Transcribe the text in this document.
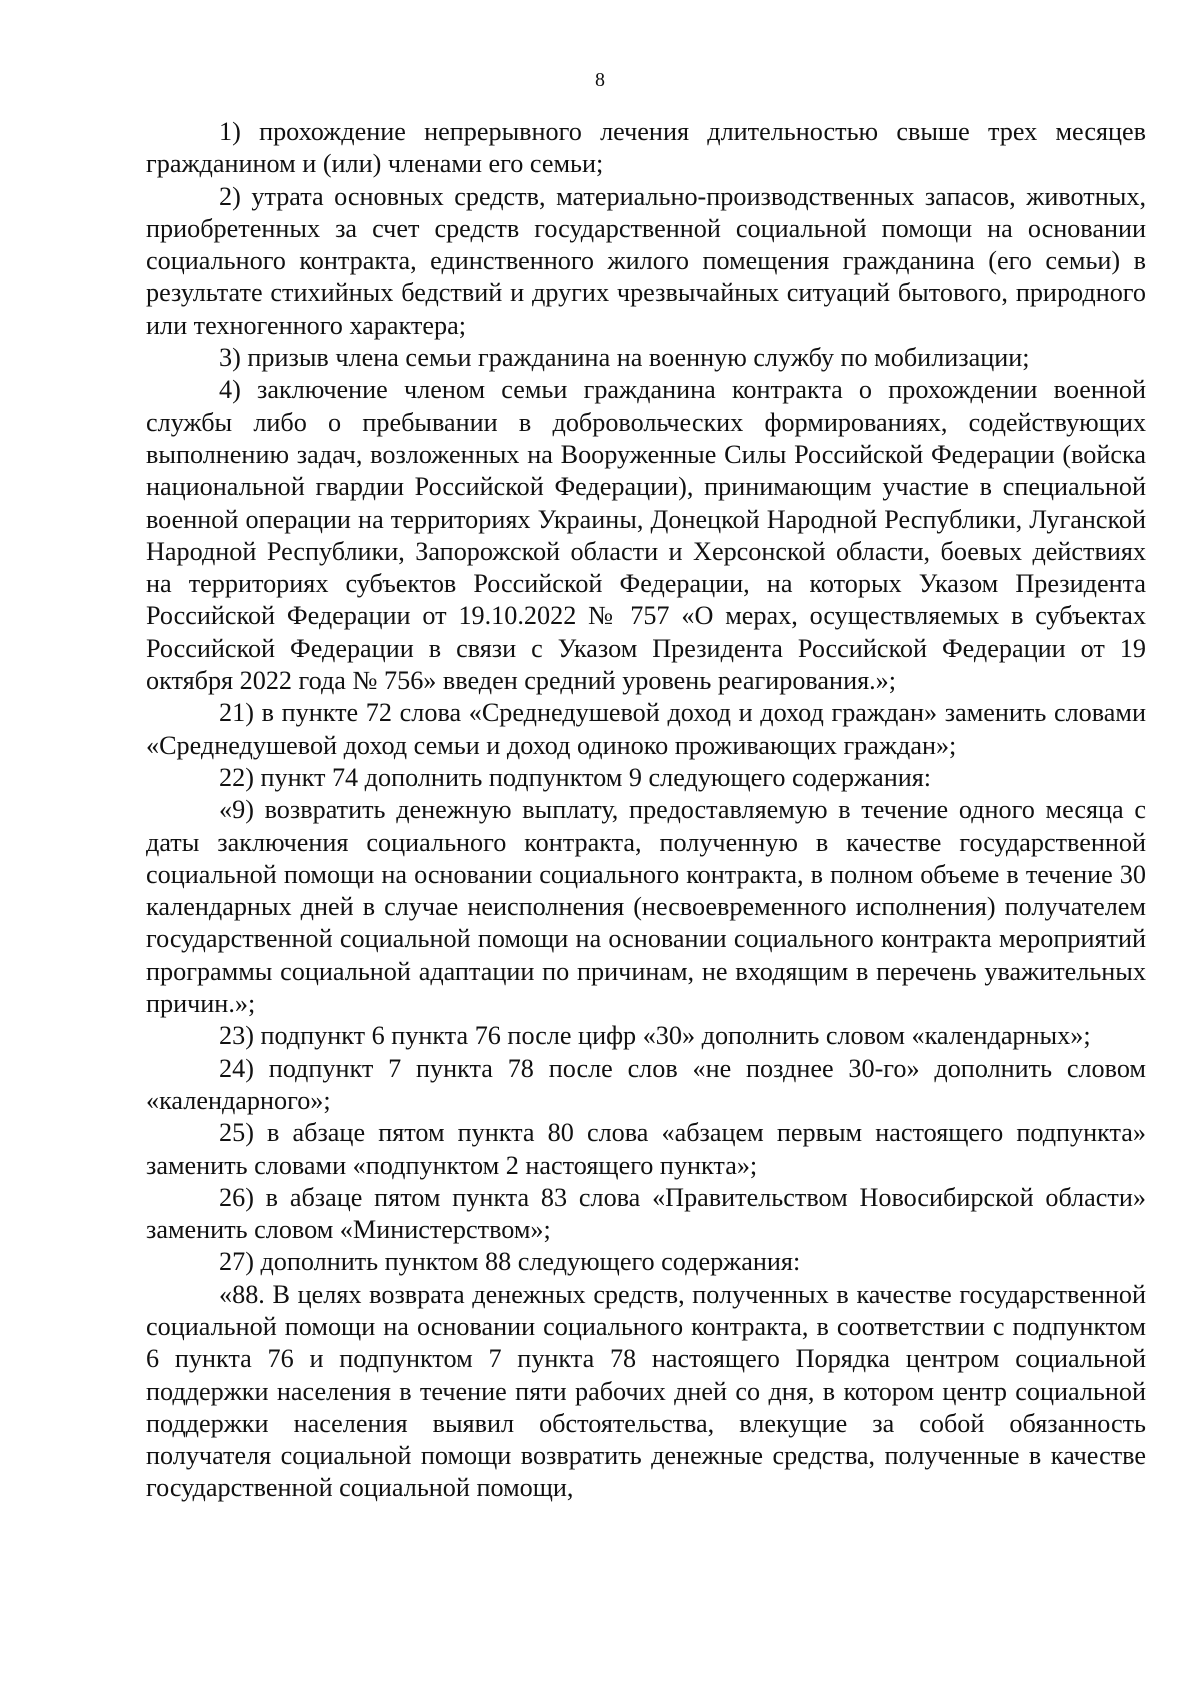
8

1) прохождение непрерывного лечения длительностью свыше трех месяцев гражданином и (или) членами его семьи;

2) утрата основных средств, материально-производственных запасов, животных, приобретенных за счет средств государственной социальной помощи на основании социального контракта, единственного жилого помещения гражданина (его семьи) в результате стихийных бедствий и других чрезвычайных ситуаций бытового, природного или техногенного характера;

3) призыв члена семьи гражданина на военную службу по мобилизации;

4) заключение членом семьи гражданина контракта о прохождении военной службы либо о пребывании в добровольческих формированиях, содействующих выполнению задач, возложенных на Вооруженные Силы Российской Федерации (войска национальной гвардии Российской Федерации), принимающим участие в специальной военной операции на территориях Украины, Донецкой Народной Республики, Луганской Народной Республики, Запорожской области и Херсонской области, боевых действиях на территориях субъектов Российской Федерации, на которых Указом Президента Российской Федерации от 19.10.2022 № 757 «О мерах, осуществляемых в субъектах Российской Федерации в связи с Указом Президента Российской Федерации от 19 октября 2022 года № 756» введен средний уровень реагирования.»;

21) в пункте 72 слова «Среднедушевой доход и доход граждан» заменить словами «Среднедушевой доход семьи и доход одиноко проживающих граждан»;

22) пункт 74 дополнить подпунктом 9 следующего содержания:

«9) возвратить денежную выплату, предоставляемую в течение одного месяца с даты заключения социального контракта, полученную в качестве государственной социальной помощи на основании социального контракта, в полном объеме в течение 30 календарных дней в случае неисполнения (несвоевременного исполнения) получателем государственной социальной помощи на основании социального контракта мероприятий программы социальной адаптации по причинам, не входящим в перечень уважительных причин.»;

23) подпункт 6 пункта 76 после цифр «30» дополнить словом «календарных»;

24) подпункт 7 пункта 78 после слов «не позднее 30-го» дополнить словом «календарного»;

25) в абзаце пятом пункта 80 слова «абзацем первым настоящего подпункта» заменить словами «подпунктом 2 настоящего пункта»;

26) в абзаце пятом пункта 83 слова «Правительством Новосибирской области» заменить словом «Министерством»;

27) дополнить пунктом 88 следующего содержания:

«88. В целях возврата денежных средств, полученных в качестве государственной социальной помощи на основании социального контракта, в соответствии с подпунктом 6 пункта 76 и подпунктом 7 пункта 78 настоящего Порядка центром социальной поддержки населения в течение пяти рабочих дней со дня, в котором центр социальной поддержки населения выявил обстоятельства, влекущие за собой обязанность получателя социальной помощи возвратить денежные средства, полученные в качестве государственной социальной помощи,
